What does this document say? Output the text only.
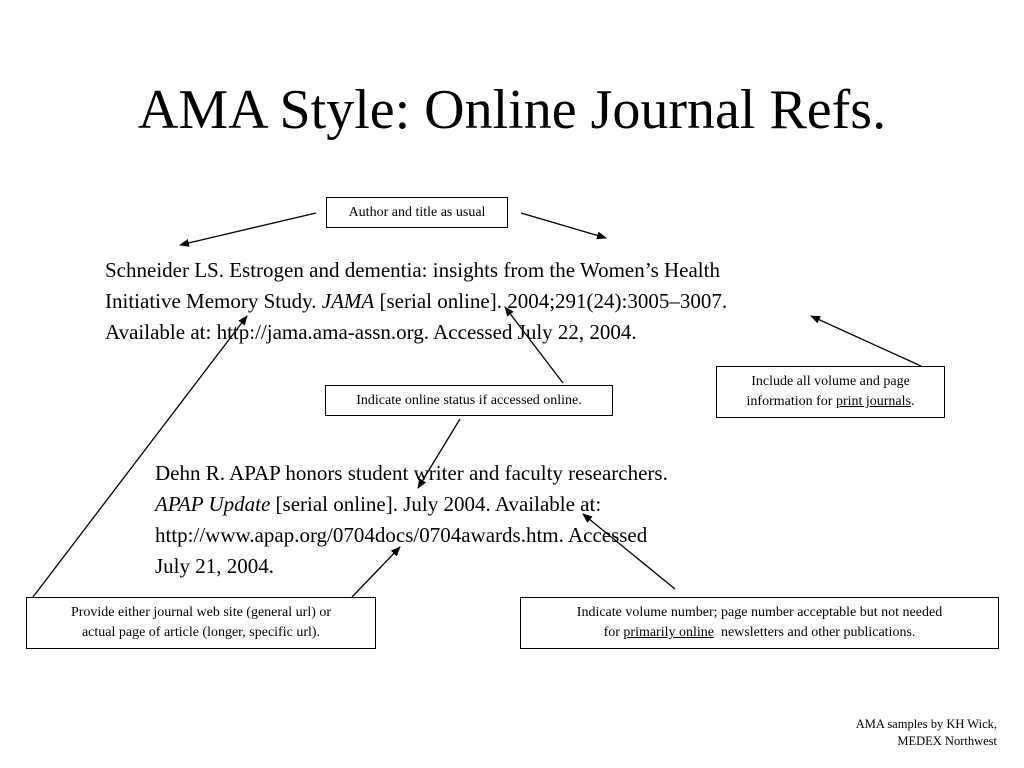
AMA Style: Online Journal Refs.
Schneider LS. Estrogen and dementia: insights from the Women’s Health
Initiative Memory Study. JAMA [serial online]. 2004;291(24):3005–3007.
Available at: http://jama.ama-assn.org. Accessed July 22, 2004.
Dehn R. APAP honors student writer and faculty researchers.
APAP Update [serial online]. July 2004. Available at:
http://www.apap.org/0704docs/0704awards.htm. Accessed
July 21, 2004.
Author and title as usual
Indicate online status if accessed online.
Include all volume and page
information for print journals.
Provide either journal web site (general url) or
actual page of article (longer, specific url).
Indicate volume number; page number acceptable but not needed
for primarily online  newsletters and other publications.
AMA samples by KH Wick,
MEDEX Northwest
